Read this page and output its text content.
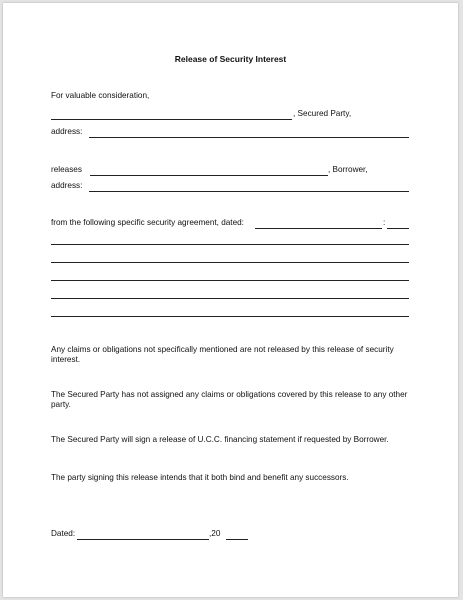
Release of Security Interest
For valuable consideration,
, Secured Party,
address:
releases	, Borrower,
address:
from the following specific security agreement, dated:	:
Any claims or obligations not specifically mentioned are not released by this release of security interest.
The Secured Party has not assigned any claims or obligations covered by this release to any other party.
The Secured Party will sign a release of U.C.C. financing statement if requested by Borrower.
The party signing this release intends that it both bind and benefit any successors.
Dated:	,20
